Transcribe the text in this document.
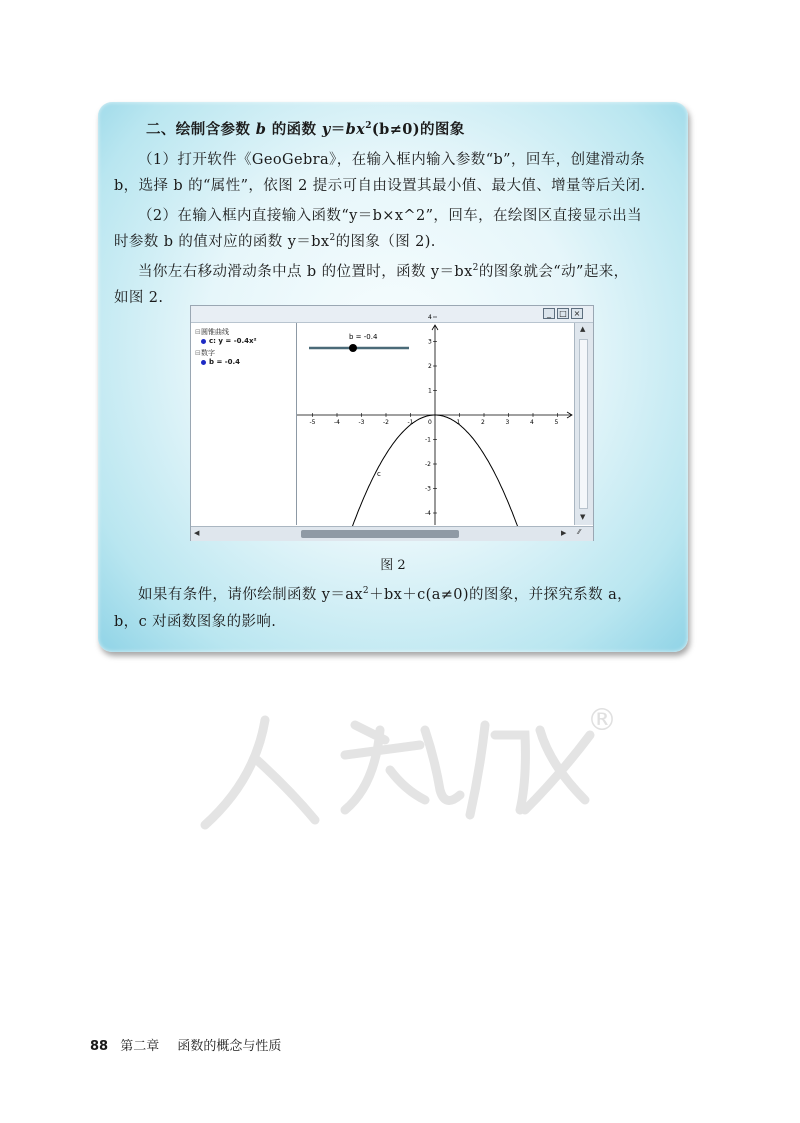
二、绘制含参数 b 的函数 $y=bx^2(b\ne 0)$的图象
（1）打开软件《GeoGebra》，在输入框内输入参数“b”，回车，创建滑动条
b，选择 b 的“属性”，依图 2 提示可自由设置其最小值、最大值、增量等后关闭.
（2）在输入框内直接输入函数“y＝b×x^2”，回车，在绘图区直接显示出当
时参数 b 的值对应的函数 $y=bx^2$的图象（图 2).
当你左右移动滑动条中点 b 的位置时，函数 $y=bx^2$的图象就会“动”起来，
如图 2.
_	□ ×
⊟圆锥曲线
c: y = -0.4x²
⊟数字
b = -0.4
-5	-4	-3	-2	-1 0	1	2	3	4	5
4
3
2
1
-1
-2
-3
-4
c
b = -0.4
▲
▼
◀	▶ ⁄⁄
图 2
如果有条件，请你绘制函数 $y=ax^2+bx+c(a\ne 0)$的图象，并探究系数 a，
b，c 对函数图象的影响.
®
88 第二章 函数的概念与性质
